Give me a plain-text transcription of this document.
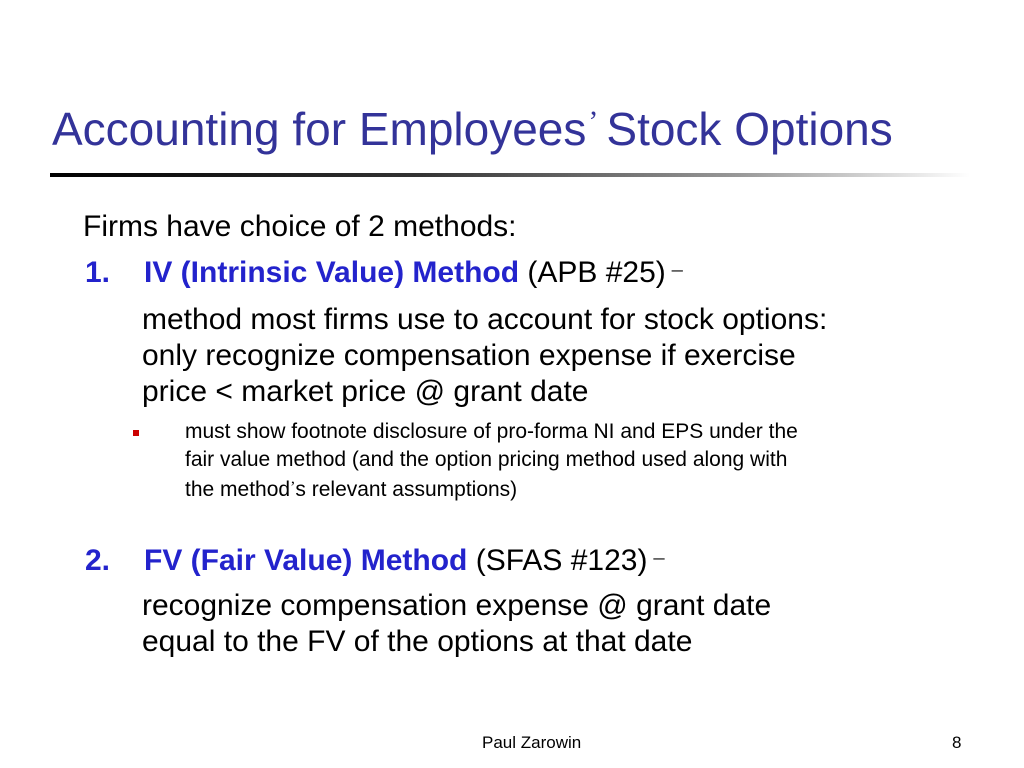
Accounting for Employees’ Stock Options
Firms have choice of 2 methods:
1. IV (Intrinsic Value) Method (APB #25) –
method most firms use to account for stock options:
only recognize compensation expense if exercise
price < market price @ grant date
must show footnote disclosure of pro-forma NI and EPS under the
fair value method (and the option pricing method used along with
the method’s relevant assumptions)
2. FV (Fair Value) Method (SFAS #123) –
recognize compensation expense @ grant date
equal to the FV of the options at that date
Paul Zarowin	8
